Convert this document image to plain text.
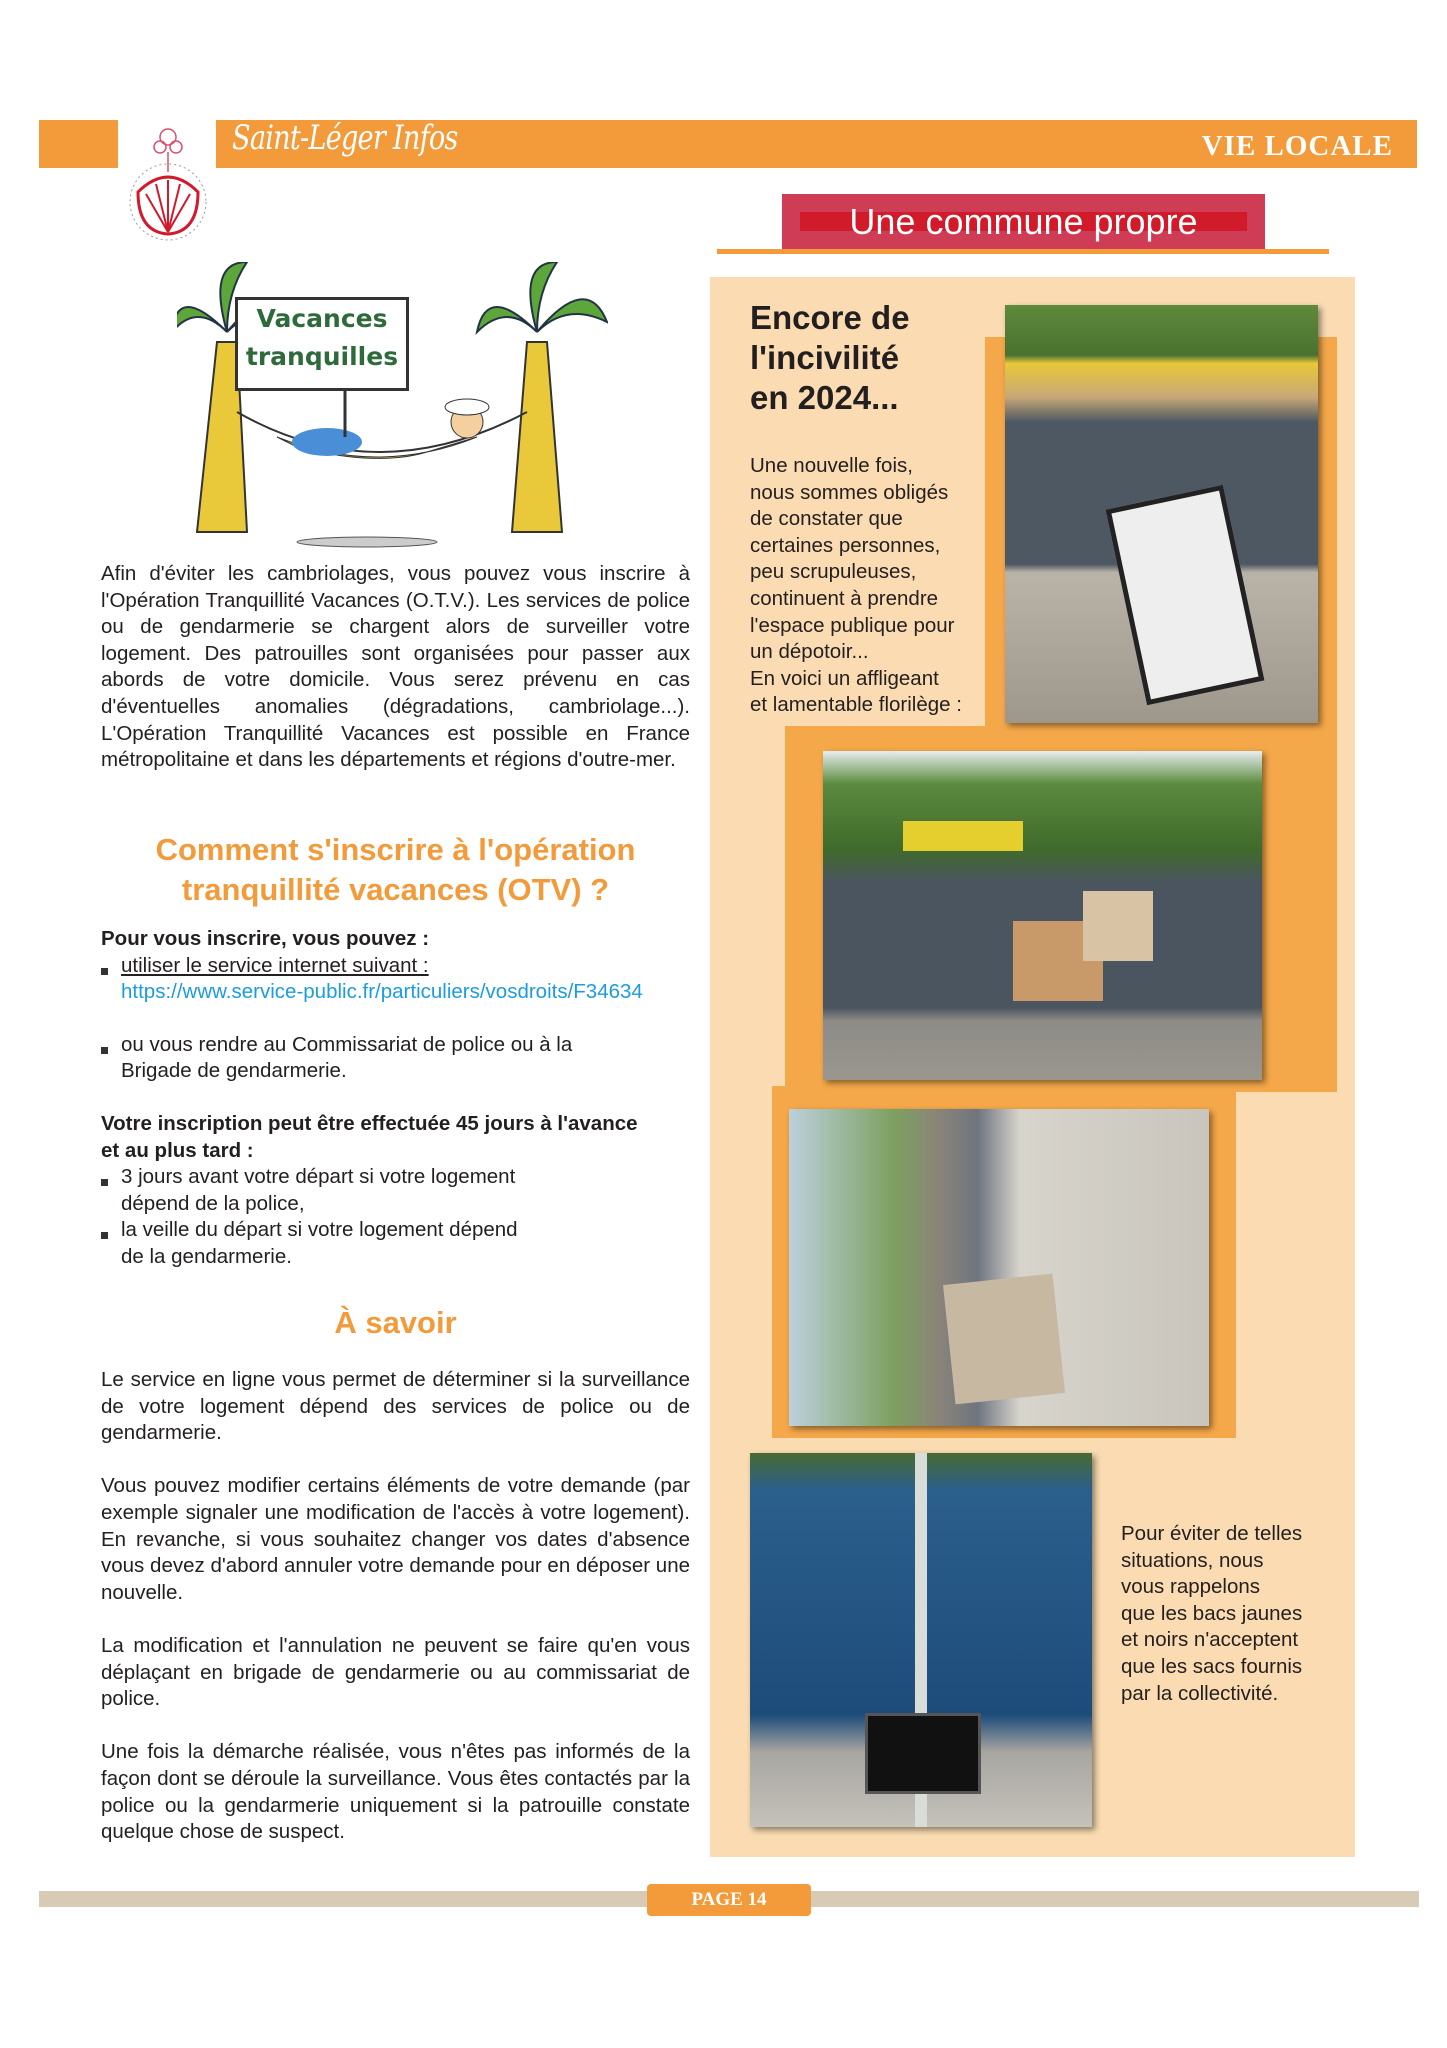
Saint-Léger Infos	VIE LOCALE
Une commune propre
Encore de
l'incivilité
en 2024...
Une nouvelle fois,
nous sommes obligés
de constater que
certaines personnes,
peu scrupuleuses,
continuent à prendre
l'espace publique pour
un dépotoir...
En voici un affligeant
et lamentable florilège :
Pour éviter de telles
situations, nous
vous rappelons
que les bacs jaunes
et noirs n'acceptent
que les sacs fournis
par la collectivité.
Vacances
tranquilles
Afin d'éviter les cambriolages, vous pouvez vous inscrire à l'Opération Tranquillité Vacances (O.T.V.). Les services de police ou de gendarmerie se chargent alors de surveiller votre logement. Des patrouilles sont organisées pour passer aux abords de votre domicile. Vous serez prévenu en cas d'éventuelles anomalies (dégradations, cambriolage...). L'Opération Tranquillité Vacances est possible en France métropolitaine et dans les départements et régions d'outre-mer.
Comment s'inscrire à l'opération
tranquillité vacances (OTV) ?
Pour vous inscrire, vous pouvez :
utiliser le service internet suivant :
https://www.service-public.fr/particuliers/vosdroits/F34634
ou vous rendre au Commissariat de police ou à la
Brigade de gendarmerie.
Votre inscription peut être effectuée 45 jours à l'avance
et au plus tard :
3 jours avant votre départ si votre logement
dépend de la police,
la veille du départ si votre logement dépend
de la gendarmerie.
À savoir
Le service en ligne vous permet de déterminer si la surveillance de votre logement dépend des services de police ou de gendarmerie.
Vous pouvez modifier certains éléments de votre demande (par exemple signaler une modification de l'accès à votre logement). En revanche, si vous souhaitez changer vos dates d'absence vous devez d'abord annuler votre demande pour en déposer une nouvelle.
La modification et l'annulation ne peuvent se faire qu'en vous déplaçant en brigade de gendarmerie ou au commissariat de police.
Une fois la démarche réalisée, vous n'êtes pas informés de la façon dont se déroule la surveillance. Vous êtes contactés par la police ou la gendarmerie uniquement si la patrouille constate quelque chose de suspect.
PAGE 14
